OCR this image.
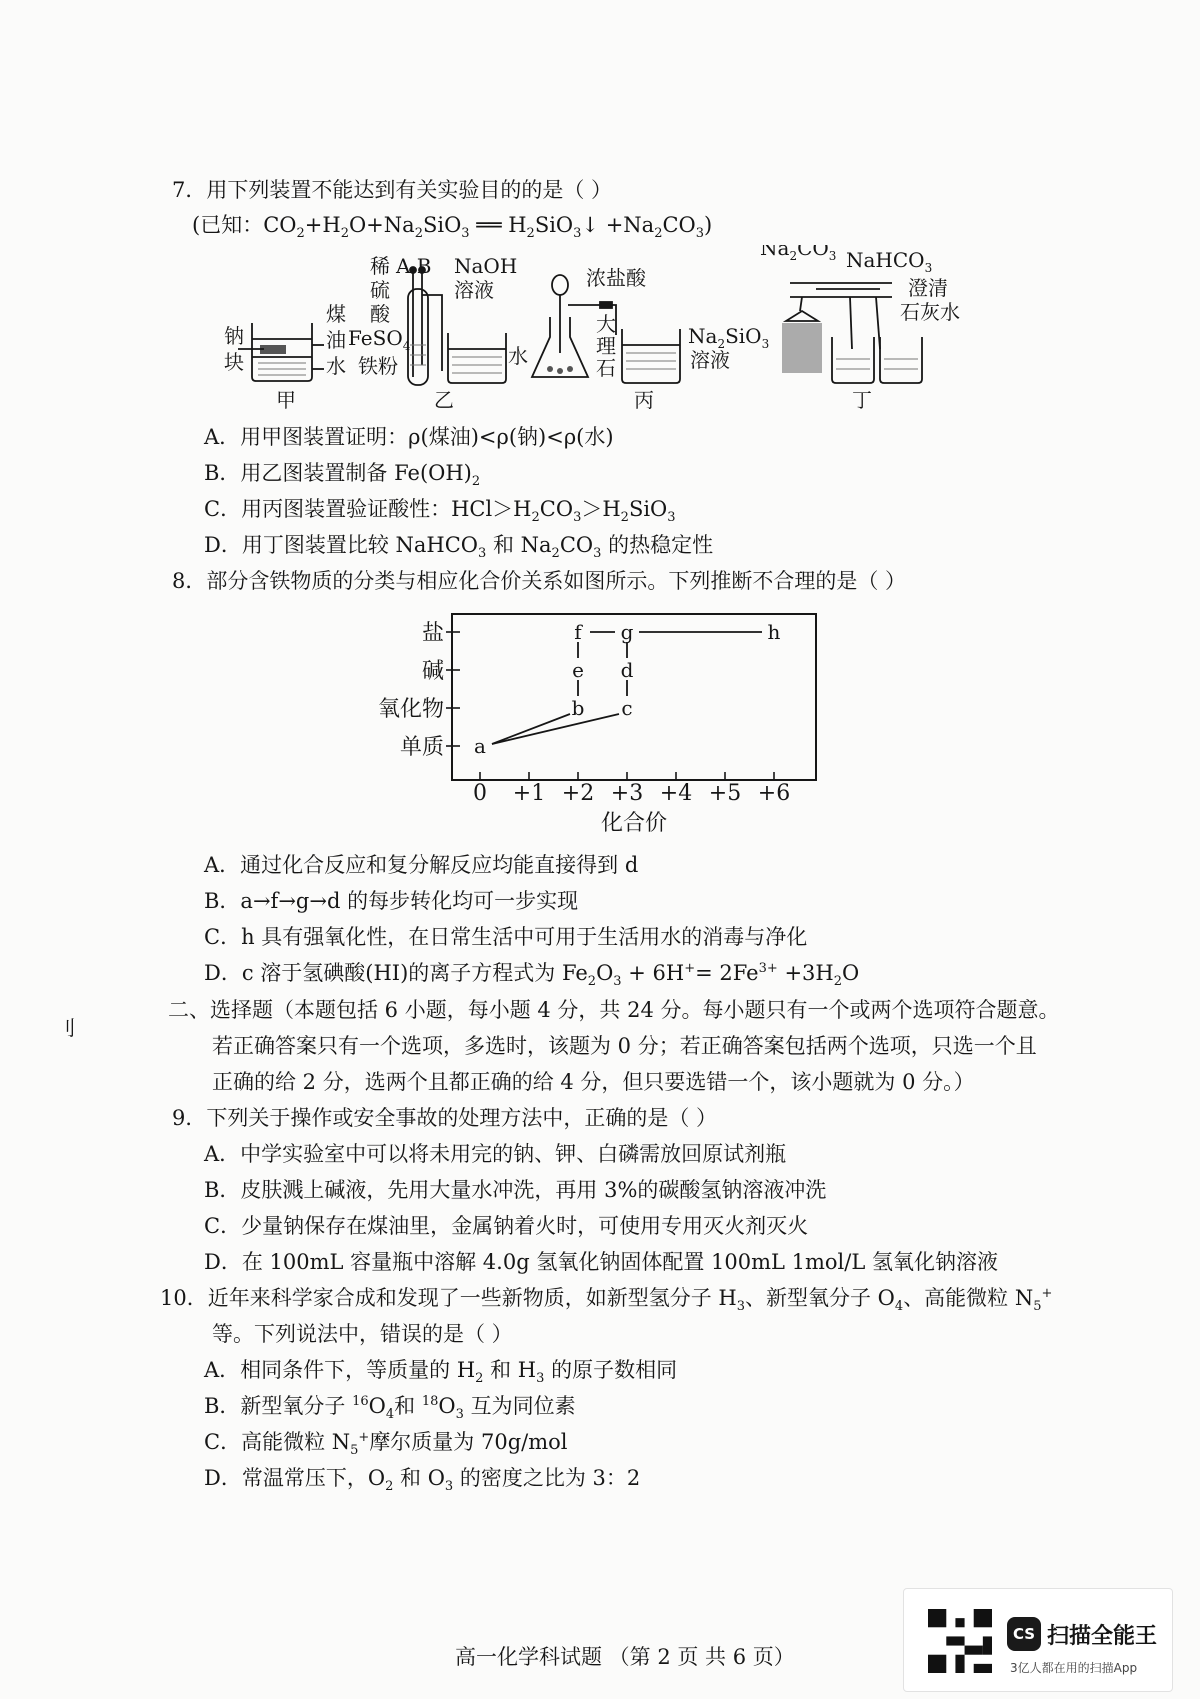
7．用下列装置不能达到有关实验目的的是（ ）
(已知：$CO_2+H_2O+Na_2SiO_3$ ══ $H_2SiO_3↓ +Na_2CO_3$)
钠
块
煤
油
水
甲
稀
硫
酸
A B NaOH
溶液
FeSO$_4$
铁粉	水
乙
浓盐酸
大
理
石
$Na_2SiO_3$
溶液
丙
$Na_2CO_3$ NaHCO$_3$
澄清
石灰水
丁
A．用甲图装置证明：ρ(煤油)<ρ(钠)<ρ(水)
B．用乙图装置制备 $Fe(OH)_2$
C．用丙图装置验证酸性：$HCl>H_2CO_3>H_2SiO_3$
D．用丁图装置比较 NaHCO$_3$ 和 $Na_2CO_3$ 的热稳定性
8．部分含铁物质的分类与相应化合价关系如图所示。下列推断不合理的是（ ）
单质
氧化物
碱
盐
0 +1 +2 +3 +4 +5 +6
a
b c
e d
f g	h
化合价
A．通过化合反应和复分解反应均能直接得到 d
B．a→f→g→d 的每步转化均可一步实现
C．h 具有强氧化性，在日常生活中可用于生活用水的消毒与净化
D．c 溶于氢碘酸(HI)的离子方程式为 $Fe_2O_3 + 6H^+= 2Fe^{3+} +3H_2O$
刂
二、选择题（本题包括 6 小题，每小题 4 分，共 24 分。每小题只有一个或两个选项符合题意。
若正确答案只有一个选项，多选时，该题为 0 分；若正确答案包括两个选项，只选一个且
正确的给 2 分，选两个且都正确的给 4 分，但只要选错一个，该小题就为 0 分。）
9．下列关于操作或安全事故的处理方法中，正确的是（ ）
A．中学实验室中可以将未用完的钠、钾、白磷需放回原试剂瓶
B．皮肤溅上碱液，先用大量水冲洗，再用 3%的碳酸氢钠溶液冲洗
C．少量钠保存在煤油里，金属钠着火时，可使用专用灭火剂灭火
D．在 100mL 容量瓶中溶解 4.0g 氢氧化钠固体配置 100mL 1mol/L 氢氧化钠溶液
10．近年来科学家合成和发现了一些新物质，如新型氢分子 $H_3$、新型氧分子 $O_4$、高能微粒 $N_5^+$
等。下列说法中，错误的是（ ）
A．相同条件下，等质量的 $H_2$ 和 $H_3$ 的原子数相同
B．新型氧分子 $^{16}O_4$和 $^{18}O_3$ 互为同位素
C．高能微粒 $N_5^+$摩尔质量为 70g/mol
D．常温常压下，$O_2$ 和 $O_3$ 的密度之比为 3：2
高一化学科试题 （第 2 页 共 6 页）
CS 扫描全能王
3亿人都在用的扫描App
